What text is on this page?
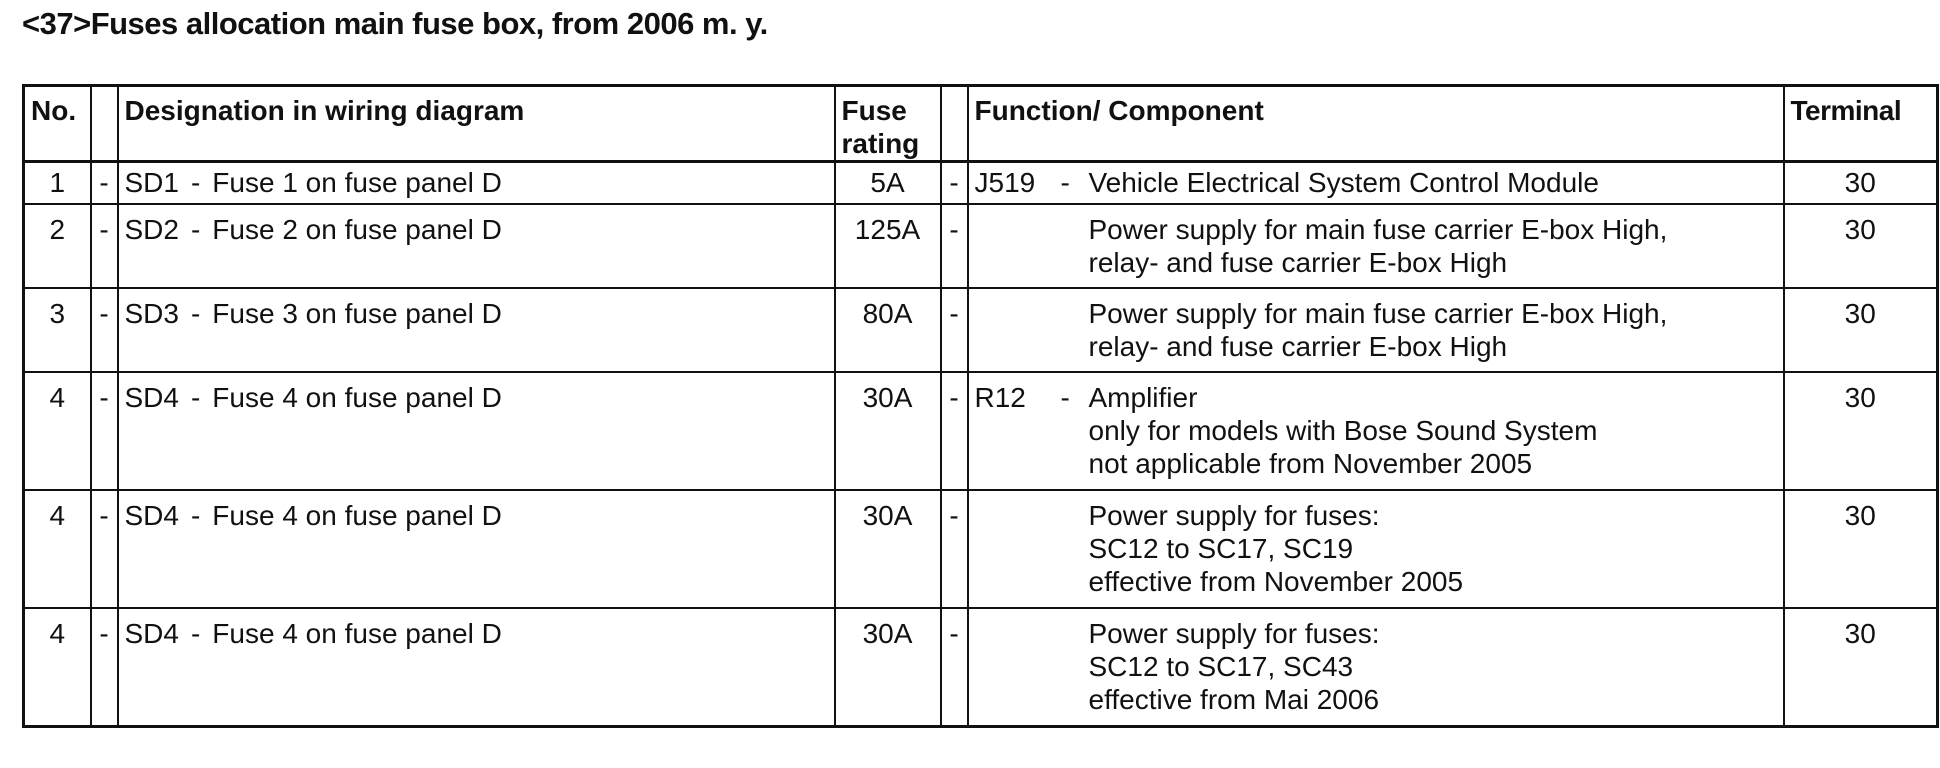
<37>Fuses allocation main fuse box, from 2006 m. y.
No.		Designation in wiring diagram	Fuse
rating		Function/ Component	Terminal
1	-	SD1 - Fuse 1 on fuse panel D	5A	-	J519 - Vehicle Electrical System Control Module	30
2	-	SD2 - Fuse 2 on fuse panel D	125A	-	Power supply for main fuse carrier E-box High,
relay- and fuse carrier E-box High	30
3	-	SD3 - Fuse 3 on fuse panel D	80A	-	Power supply for main fuse carrier E-box High,
relay- and fuse carrier E-box High	30
4	-	SD4 - Fuse 4 on fuse panel D	30A	-	R12 - Amplifier
only for models with Bose Sound System
not applicable from November 2005	30
4	-	SD4 - Fuse 4 on fuse panel D	30A	-	Power supply for fuses:
SC12 to SC17, SC19
effective from November 2005	30
4	-	SD4 - Fuse 4 on fuse panel D	30A	-	Power supply for fuses:
SC12 to SC17, SC43
effective from Mai 2006	30
